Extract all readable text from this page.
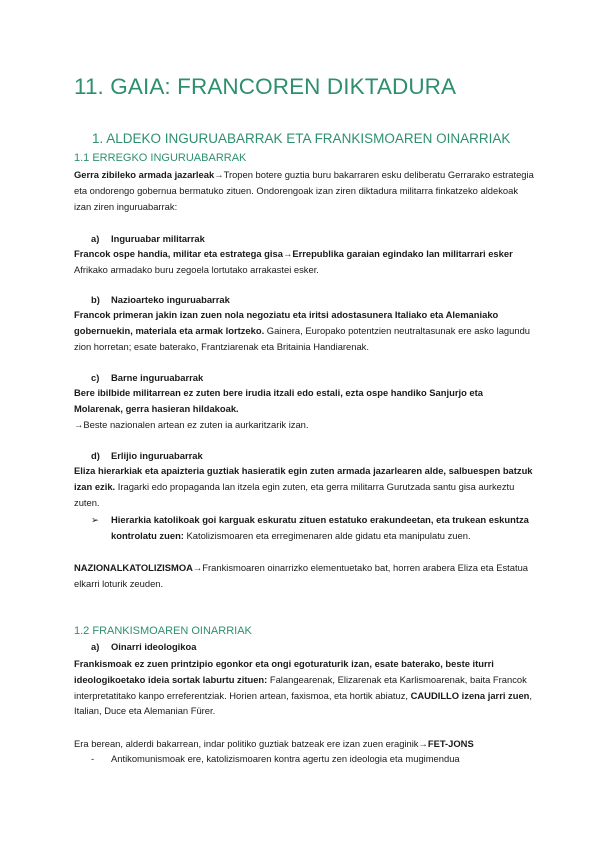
11. GAIA: FRANCOREN DIKTADURA
1. ALDEKO INGURUABARRAK ETA FRANKISMOAREN OINARRIAK
1.1 ERREGKO INGURUABARRAK
Gerra zibileko armada jazarleak→Tropen botere guztia buru bakarraren esku deliberatu Gerrarako estrategia eta ondorengo gobernua bermatuko zituen. Ondorengoak izan ziren diktadura militarra finkatzeko aldekoak izan ziren inguruabarrak:
a) Inguruabar militarrak
Francok ospe handia, militar eta estratega gisa→Errepublika garaian egindako lan militarrari esker Afrikako armadako buru zegoela lortutako arrakastei esker.
b) Nazioarteko inguruabarrak
Francok primeran jakin izan zuen nola negoziatu eta iritsi adostasunera Italiako eta Alemaniako gobernuekin, materiala eta armak lortzeko. Gainera, Europako potentzien neutraltasunak ere asko lagundu zion horretan; esate baterako, Frantziarenak eta Britainia Handiarenak.
c) Barne inguruabarrak
Bere ibilbide militarrean ez zuten bere irudia itzali edo estali, ezta ospe handiko Sanjurjo eta Molarenak, gerra hasieran hildakoak.
→Beste nazionalen artean ez zuten ia aurkaritzarik izan.
d) Erlijio inguruabarrak
Eliza hierarkiak eta apaizteria guztiak hasieratik egin zuten armada jazarlearen alde, salbuespen batzuk izan ezik. Iragarki edo propaganda lan itzela egin zuten, eta gerra militarra Gurutzada santu gisa aurkeztu zuten.
➢ Hierarkia katolikoak goi karguak eskuratu zituen estatuko erakundeetan, eta trukean eskuntza kontrolatu zuen: Katolizismoaren eta erregimenaren alde gidatu eta manipulatu zuen.
NAZIONALKATOLIZISMOA→Frankismoaren oinarrizko elementuetako bat, horren arabera Eliza eta Estatua elkarri loturik zeuden.
1.2 FRANKISMOAREN OINARRIAK
a) Oinarri ideologikoa
Frankismoak ez zuen printzipio egonkor eta ongi egoturaturik izan, esate baterako, beste iturri ideologikoetako ideia sortak laburtu zituen: Falangearenak, Elizarenak eta Karlismoarenak, baita Francok interpretatitako kanpo erreferentziak. Horien artean, faxismoa, eta hortik abiatuz, CAUDILLO izena jarri zuen, Italian, Duce eta Alemanian Fürer.
Era berean, alderdi bakarrean, indar politiko guztiak batzeak ere izan zuen eraginik→FET-JONS
- Antikomunismoak ere, katolizismoaren kontra agertu zen ideologia eta mugimendua
